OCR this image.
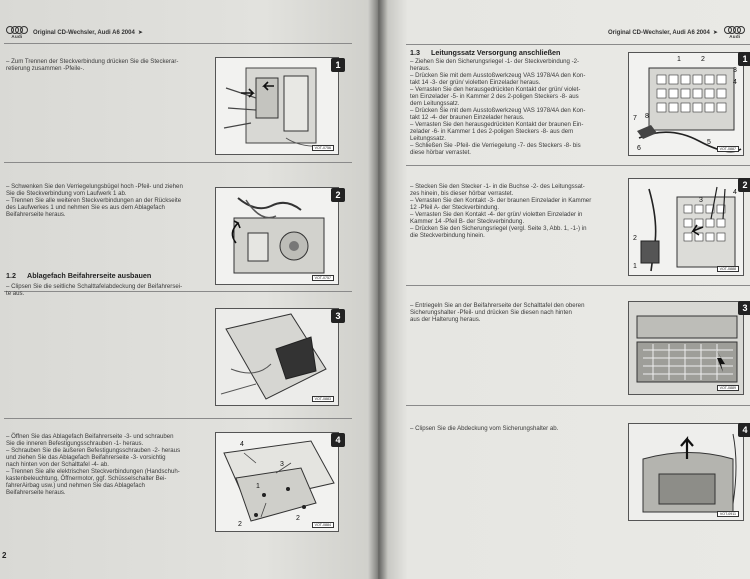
Audi
Original CD-Wechsler, Audi A6 2004 ➤
– Zum Trennen der Steckverbindung drücken Sie die Steckerar-
retierung zusammen -Pfeile-.
– Schwenken Sie den Verriegelungsbügel hoch -Pfeil- und ziehen
Sie die Steckverbindung vom Laufwerk 1 ab.
– Trennen Sie alle weiteren Steckverbindungen an der Rückseite
des Laufwerkes 1 und nehmen Sie es aus dem Ablagefach
Beifahrerseite heraus.
1.2 Ablagefach Beifahrerseite ausbauen
– Clipsen Sie die seitliche Schalttafelabdeckung der Beifahrersei-
te aus.
– Öffnen Sie das Ablagefach Beifahrerseite -3- und schrauben
Sie die inneren Befestigungsschrauben -1- heraus.
– Schrauben Sie die äußeren Befestigungsschrauben -2- heraus
und ziehen Sie das Ablagefach Beifahrerseite -3- vorsichtig
nach hinten von der Schalttafel -4- ab.
– Trennen Sie alle elektrischen Steckverbindungen (Handschuh-
kastenbeleuchtung, Öffnermotor, ggf. Schüsselschalter Bei-
fahrerAirbag usw.) und nehmen Sie das Ablagefach
Beifahrerseite heraus.
VOT-0756
1
VOT-0757
2
VOT-0883
3
4
3
1
2
2
VOT-0884
4
2
Original CD-Wechsler, Audi A6 2004 ➤
Audi
1.3 Leitungssatz Versorgung anschließen
– Ziehen Sie den Sicherungsriegel -1- der Steckverbindung -2-
heraus.
– Drücken Sie mit dem Ausstoßwerkzeug VAS 1978/4A den Kon-
takt 14 -3- der grün/ violetten Einzelader heraus.
– Verrasten Sie den herausgedrückten Kontakt der grün/ violet-
ten Einzelader -5- in Kammer 2 des 2-poligen Steckers -8- aus
dem Leitungssatz.
– Drücken Sie mit dem Ausstoßwerkzeug VAS 1978/4A den Kon-
takt 12 -4- der braunen Einzelader heraus.
– Verrasten Sie den herausgedrückten Kontakt der braunen Ein-
zelader -6- in Kammer 1 des 2-poligen Steckers -8- aus dem
Leitungssatz.
– Schließen Sie -Pfeil- die Verriegelung -7- des Steckers -8- bis
diese hörbar verrastet.
– Stecken Sie den Stecker -1- in die Buchse -2- des Leitungssat-
zes hinein, bis dieser hörbar verrastet.
– Verrasten Sie den Kontakt -3- der braunen Einzelader in Kammer
12 -Pfeil A- der Steckverbindung.
– Verrasten Sie den Kontakt -4- der grün/ violetten Einzelader in
Kammer 14 -Pfeil B- der Steckverbindung.
– Drücken Sie den Sicherungsriegel (vergl. Seite 3, Abb. 1, -1-) in
die Steckverbindung hinein.
– Entriegeln Sie an der Beifahrerseite der Schalttafel den oberen
Sicherungshalter -Pfeil- und drücken Sie diesen nach hinten
aus der Halterung heraus.
– Clipsen Sie die Abdeckung vom Sicherungshalter ab.
1	2
3
4
5
6
7 8
VOT-0887
1
1
2
3
4
VOT-0888
2
VOT-0889
3
VOT-0911
4
